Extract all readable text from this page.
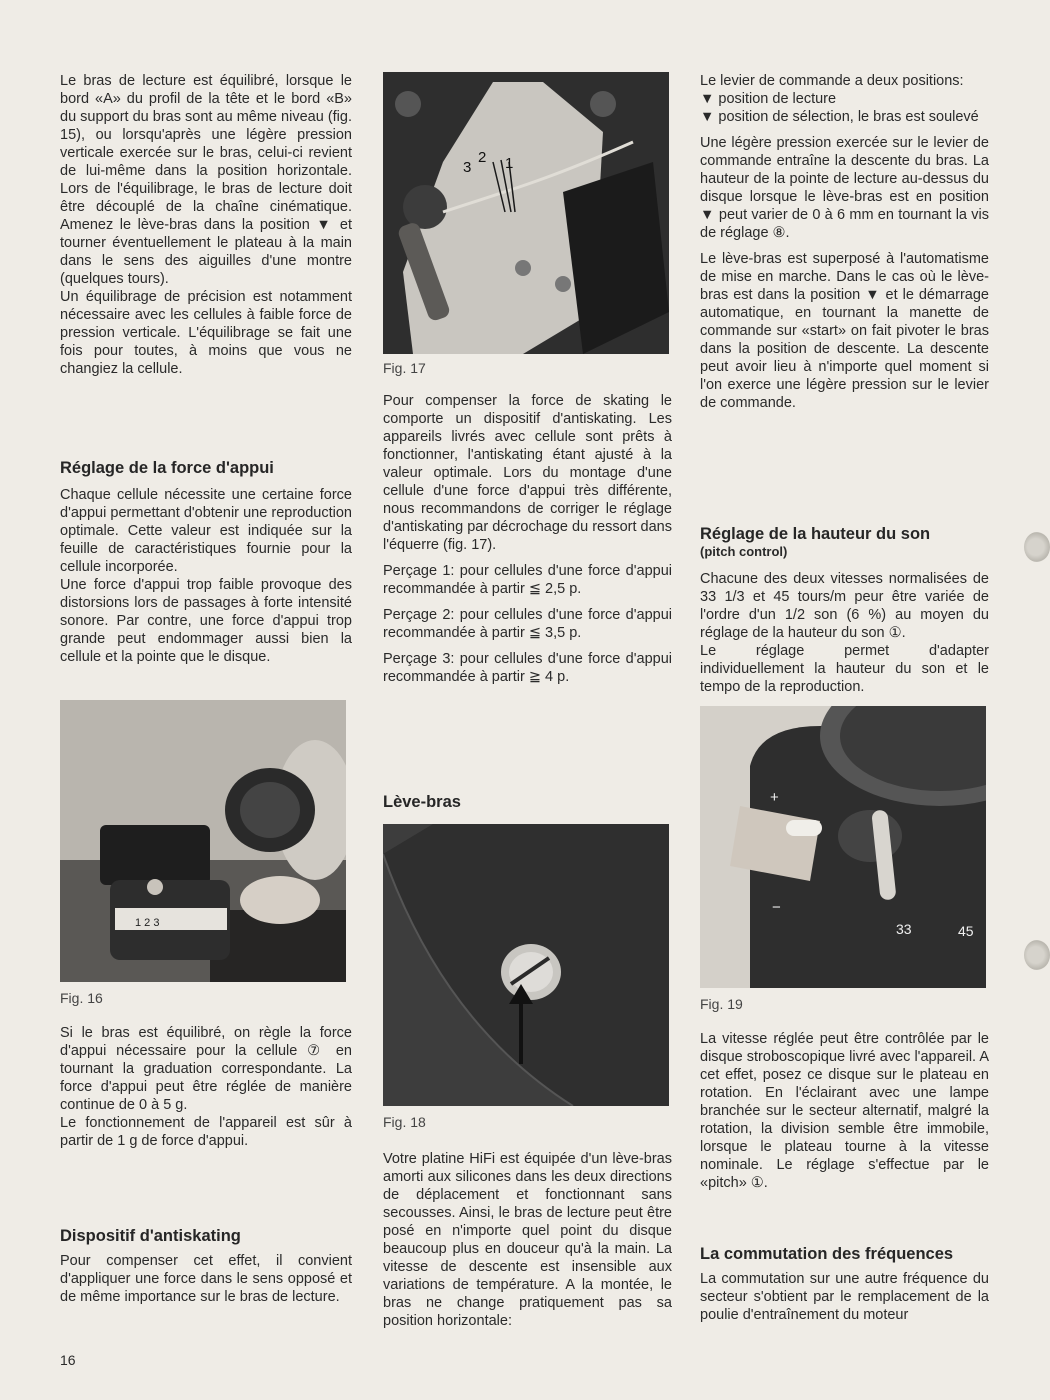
Le bras de lecture est équilibré, lorsque le bord «A» du profil de la tête et le bord «B» du support du bras sont au même niveau (fig. 15), ou lorsqu'après une légère pression verticale exercée sur le bras, celui-ci revient de lui-même dans la position horizontale. Lors de l'équilibrage, le bras de lecture doit être découplé de la chaîne cinématique. Amenez le lève-bras dans la position ▼ et tourner éventuellement le plateau à la main dans le sens des aiguilles d'une montre (quelques tours).

Un équilibrage de précision est notamment nécessaire avec les cellules à faible force de pression verticale. L'équilibrage se fait une fois pour toutes, à moins que vous ne changiez la cellule.

Réglage de la force d'appui

Chaque cellule nécessite une certaine force d'appui permettant d'obtenir une reproduction optimale. Cette valeur est indiquée sur la feuille de caractéristiques fournie pour la cellule incorporée.

Une force d'appui trop faible provoque des distorsions lors de passages à forte intensité sonore. Par contre, une force d'appui trop grande peut endommager aussi bien la cellule et la pointe que le disque.

1 2 3
Fig. 16

Si le bras est équilibré, on règle la force d'appui nécessaire pour la cellule ⑦ en tournant la graduation correspondante. La force d'appui peut être réglée de manière continue de 0 à 5 g.

Le fonctionnement de l'appareil est sûr à partir de 1 g de force d'appui.

Dispositif d'antiskating

Pour compenser cet effet, il convient d'appliquer une force dans le sens opposé et de même importance sur le bras de lecture.

16
3
2 1
Fig. 17

Pour compenser la force de skating le comporte un dispositif d'antiskating. Les appareils livrés avec cellule sont prêts à fonctionner, l'antiskating étant ajusté à la valeur optimale. Lors du montage d'une cellule d'une force d'appui très différente, nous recommandons de corriger le réglage d'antiskating par décrochage du ressort dans l'équerre (fig. 17).

Perçage 1: pour cellules d'une force d'appui recommandée à partir ≦ 2,5 p.

Perçage 2: pour cellules d'une force d'appui recommandée à partir ≦ 3,5 p.

Perçage 3: pour cellules d'une force d'appui recommandée à partir ≧ 4 p.

Lève-bras
Fig. 18

Votre platine HiFi est équipée d'un lève-bras amorti aux silicones dans les deux directions de déplacement et fonctionnant sans secousses. Ainsi, le bras de lecture peut être posé en n'importe quel point du disque beaucoup plus en douceur qu'à la main. La vitesse de descente est insensible aux variations de température. A la montée, le bras ne change pratiquement pas sa position horizontale:

Le levier de commande a deux positions:

▼ position de lecture

▼ position de sélection, le bras est soulevé

Une légère pression exercée sur le levier de commande entraîne la descente du bras. La hauteur de la pointe de lecture au-dessus du disque lorsque le lève-bras est en position ▼ peut varier de 0 à 6 mm en tournant la vis de réglage ⑧.

Le lève-bras est superposé à l'automatisme de mise en marche. Dans le cas où le lève-bras est dans la position ▼ et le démarrage automatique, en tournant la manette de commande sur «start» on fait pivoter le bras dans la position de descente. La descente peut avoir lieu à n'importe quel moment si l'on exerce une légère pression sur le levier de commande.

Réglage de la hauteur du son
(pitch control)

Chacune des deux vitesses normalisées de 33 1/3 et 45 tours/m peur être variée de l'ordre d'un 1/2 son (6 %) au moyen du réglage de la hauteur du son ①.

Le réglage permet d'adapter individuellement la hauteur du son et le tempo de la reproduction.

+
−
33	45
Fig. 19

La vitesse réglée peut être contrôlée par le disque stroboscopique livré avec l'appareil. A cet effet, posez ce disque sur le plateau en rotation. En l'éclairant avec une lampe branchée sur le secteur alternatif, malgré la rotation, la division semble être immobile, lorsque le plateau tourne à la vitesse nominale. Le réglage s'effectue par le «pitch» ①.

La commutation des fréquences

La commutation sur une autre fréquence du secteur s'obtient par le remplacement de la poulie d'entraînement du moteur
